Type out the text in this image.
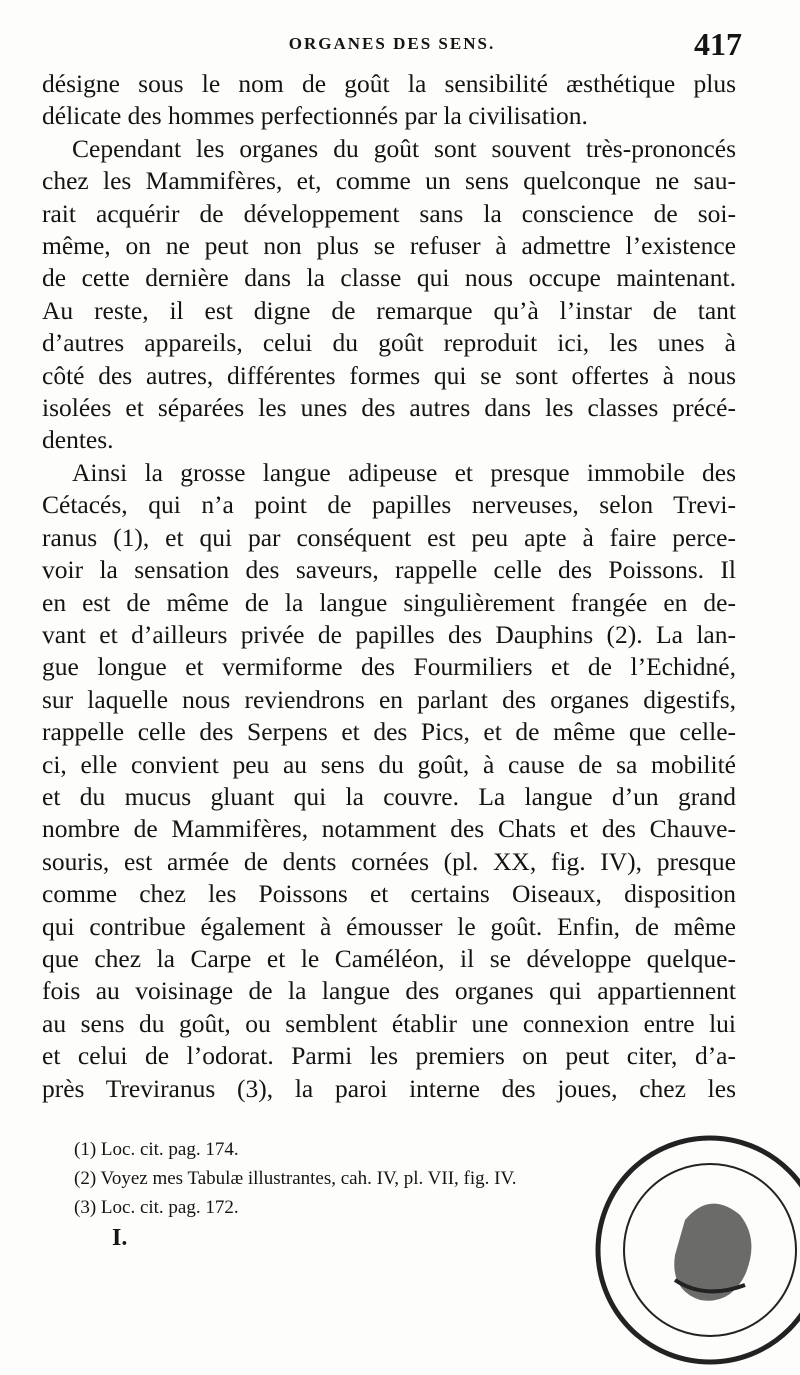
ORGANES DES SENS.	417
désigne sous le nom de goût la sensibilité æsthétique plus
délicate des hommes perfectionnés par la civilisation.
Cependant les organes du goût sont souvent très-prononcés
chez les Mammifères, et, comme un sens quelconque ne sau-
rait acquérir de développement sans la conscience de soi-
même, on ne peut non plus se refuser à admettre l’existence
de cette dernière dans la classe qui nous occupe maintenant.
Au reste, il est digne de remarque qu’à l’instar de tant
d’autres appareils, celui du goût reproduit ici, les unes à
côté des autres, différentes formes qui se sont offertes à nous
isolées et séparées les unes des autres dans les classes précé-
dentes.
Ainsi la grosse langue adipeuse et presque immobile des
Cétacés, qui n’a point de papilles nerveuses, selon Trevi-
ranus (1), et qui par conséquent est peu apte à faire perce-
voir la sensation des saveurs, rappelle celle des Poissons. Il
en est de même de la langue singulièrement frangée en de-
vant et d’ailleurs privée de papilles des Dauphins (2). La lan-
gue longue et vermiforme des Fourmiliers et de l’Echidné,
sur laquelle nous reviendrons en parlant des organes digestifs,
rappelle celle des Serpens et des Pics, et de même que celle-
ci, elle convient peu au sens du goût, à cause de sa mobilité
et du mucus gluant qui la couvre. La langue d’un grand
nombre de Mammifères, notamment des Chats et des Chauve-
souris, est armée de dents cornées (pl. XX, fig. IV), presque
comme chez les Poissons et certains Oiseaux, disposition
qui contribue également à émousser le goût. Enfin, de même
que chez la Carpe et le Caméléon, il se développe quelque-
fois au voisinage de la langue des organes qui appartiennent
au sens du goût, ou semblent établir une connexion entre lui
et celui de l’odorat. Parmi les premiers on peut citer, d’a-
près Treviranus (3), la paroi interne des joues, chez les
(1) Loc. cit. pag. 174.
(2) Voyez mes Tabulæ illustrantes, cah. IV, pl. VII, fig. IV.
(3) Loc. cit. pag. 172.
I.
